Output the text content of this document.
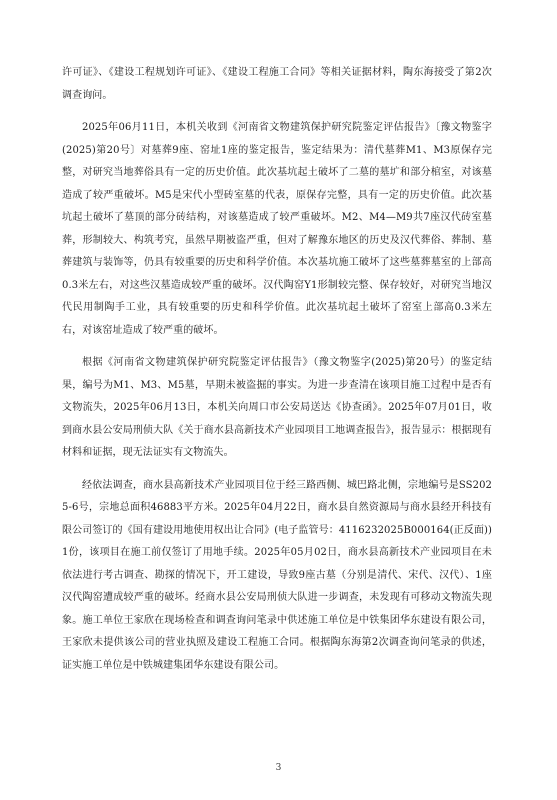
许可证》、《建设工程规划许可证》、《建设工程施工合同》等相关证据材料，陶东海接受了第2次调查询问。

2025年06月11日，本机关收到《河南省文物建筑保护研究院鉴定评估报告》〔豫文物鉴字(2025)第20号〕对墓葬9座、窑址1座的鉴定报告，鉴定结果为：清代墓葬M1、M3原保存完整，对研究当地葬俗具有一定的历史价值。此次基坑起土破坏了二墓的墓圹和部分棺室，对该墓造成了较严重破坏。M5是宋代小型砖室墓的代表，原保存完整，具有一定的历史价值。此次基坑起土破坏了墓顶的部分砖结构，对该墓造成了较严重破坏。M2、M4—M9共7座汉代砖室墓葬，形制较大、构筑考究，虽然早期被盗严重，但对了解豫东地区的历史及汉代葬俗、葬制、墓葬建筑与装饰等，仍具有较重要的历史和科学价值。本次基坑施工破坏了这些墓葬墓室的上部高0.3米左右，对这些汉墓造成较严重的破坏。汉代陶窑Y1形制较完整、保存较好，对研究当地汉代民用制陶手工业，具有较重要的历史和科学价值。此次基坑起土破坏了窑室上部高0.3米左右，对该窑址造成了较严重的破坏。

根据《河南省文物建筑保护研究院鉴定评估报告》（豫文物鉴字(2025)第20号）的鉴定结果，编号为M1、M3、M5墓，早期未被盗掘的事实。为进一步查清在该项目施工过程中是否有文物流失，2025年06月13日，本机关向周口市公安局送达《协查函》。2025年07月01日，收到商水县公安局刑侦大队《关于商水县高新技术产业园项目工地调查报告》，报告显示：根据现有材料和证据，现无法证实有文物流失。

经依法调查，商水县高新技术产业园项目位于经三路西侧、城巴路北侧，宗地编号是SS2025-6号，宗地总面积46883平方米。2025年04月22日，商水县自然资源局与商水县经开科技有限公司签订的《国有建设用地使用权出让合同》(电子监管号：4116232025B000164(正反面))1份，该项目在施工前仅签订了用地手续。2025年05月02日，商水县高新技术产业园项目在未依法进行考古调查、勘探的情况下，开工建设，导致9座古墓（分别是清代、宋代、汉代）、1座汉代陶窑遭成较严重的破坏。经商水县公安局刑侦大队进一步调查，未发现有可移动文物流失现象。施工单位王家欣在现场检查和调查询问笔录中供述施工单位是中铁集团华东建设有限公司，王家欣未提供该公司的营业执照及建设工程施工合同。根据陶东海第2次调查询问笔录的供述，证实施工单位是中铁城建集团华东建设有限公司。

3
